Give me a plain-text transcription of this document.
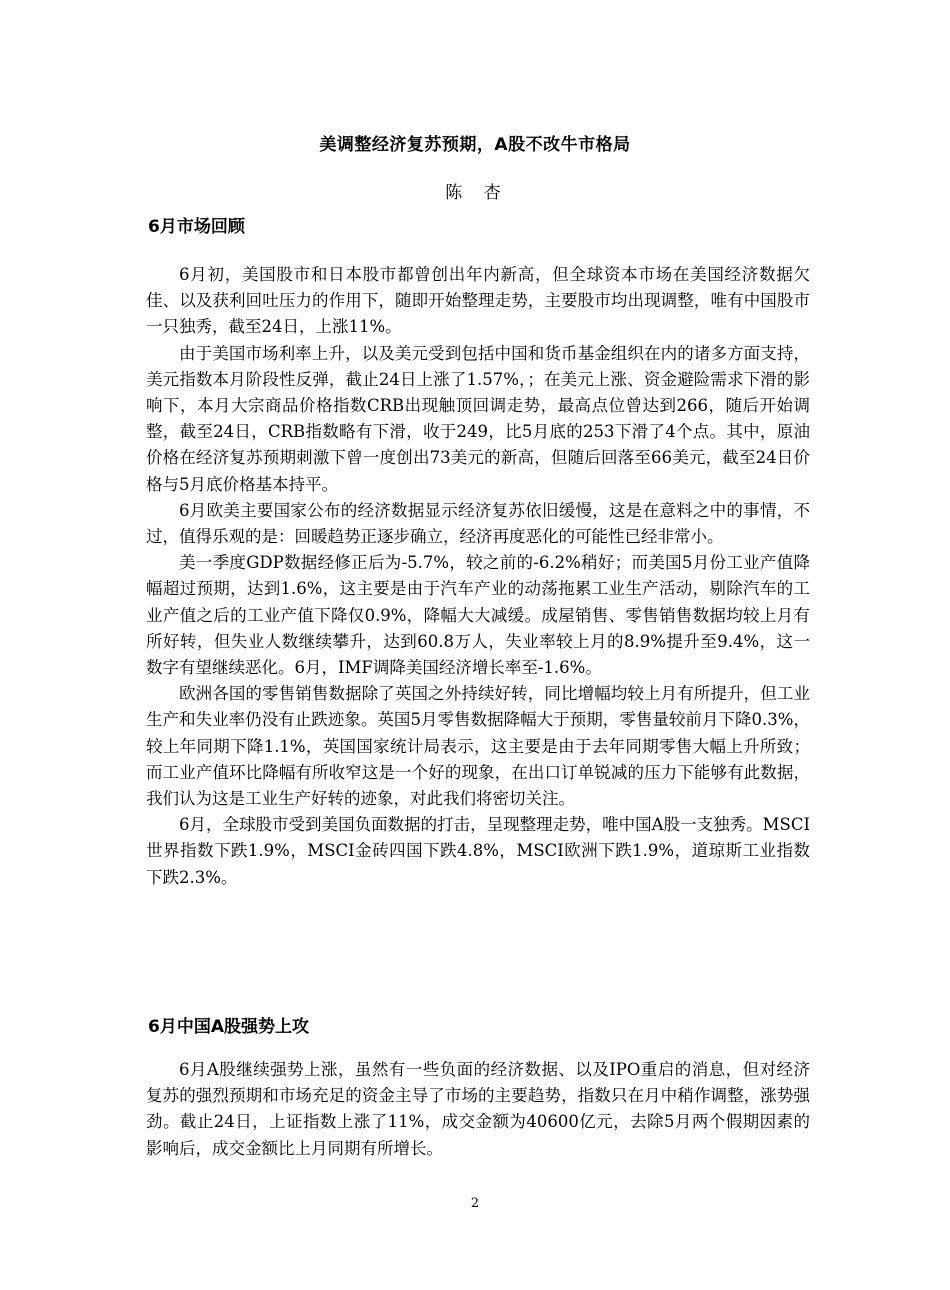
美调整经济复苏预期，A股不改牛市格局
陈 杏
6月市场回顾

6月初，美国股市和日本股市都曾创出年内新高，但全球资本市场在美国经济数据欠佳、以及获利回吐压力的作用下，随即开始整理走势，主要股市均出现调整，唯有中国股市一只独秀，截至24日，上涨11%。

由于美国市场利率上升，以及美元受到包括中国和货币基金组织在内的诸多方面支持，美元指数本月阶段性反弹，截止24日上涨了1.57%，；在美元上涨、资金避险需求下滑的影响下，本月大宗商品价格指数CRB出现触顶回调走势，最高点位曾达到266，随后开始调整，截至24日，CRB指数略有下滑，收于249，比5月底的253下滑了4个点。其中，原油价格在经济复苏预期刺激下曾一度创出73美元的新高，但随后回落至66美元，截至24日价格与5月底价格基本持平。

6月欧美主要国家公布的经济数据显示经济复苏依旧缓慢，这是在意料之中的事情，不过，值得乐观的是：回暖趋势正逐步确立，经济再度恶化的可能性已经非常小。

美一季度GDP数据经修正后为-5.7%，较之前的-6.2%稍好；而美国5月份工业产值降幅超过预期，达到1.6%，这主要是由于汽车产业的动荡拖累工业生产活动，剔除汽车的工业产值之后的工业产值下降仅0.9%，降幅大大减缓。成屋销售、零售销售数据均较上月有所好转，但失业人数继续攀升，达到60.8万人，失业率较上月的8.9%提升至9.4%，这一数字有望继续恶化。6月，IMF调降美国经济增长率至-1.6%。

欧洲各国的零售销售数据除了英国之外持续好转，同比增幅均较上月有所提升，但工业生产和失业率仍没有止跌迹象。英国5月零售数据降幅大于预期，零售量较前月下降0.3%，较上年同期下降1.1%，英国国家统计局表示，这主要是由于去年同期零售大幅上升所致；而工业产值环比降幅有所收窄这是一个好的现象，在出口订单锐减的压力下能够有此数据，我们认为这是工业生产好转的迹象，对此我们将密切关注。

6月，全球股市受到美国负面数据的打击，呈现整理走势，唯中国A股一支独秀。MSCI世界指数下跌1.9%，MSCI金砖四国下跌4.8%，MSCI欧洲下跌1.9%，道琼斯工业指数下跌2.3%。

6月中国A股强势上攻

6月A股继续强势上涨，虽然有一些负面的经济数据、以及IPO重启的消息，但对经济复苏的强烈预期和市场充足的资金主导了市场的主要趋势，指数只在月中稍作调整，涨势强劲。截止24日，上证指数上涨了11%，成交金额为40600亿元，去除5月两个假期因素的影响后，成交金额比上月同期有所增长。

2
